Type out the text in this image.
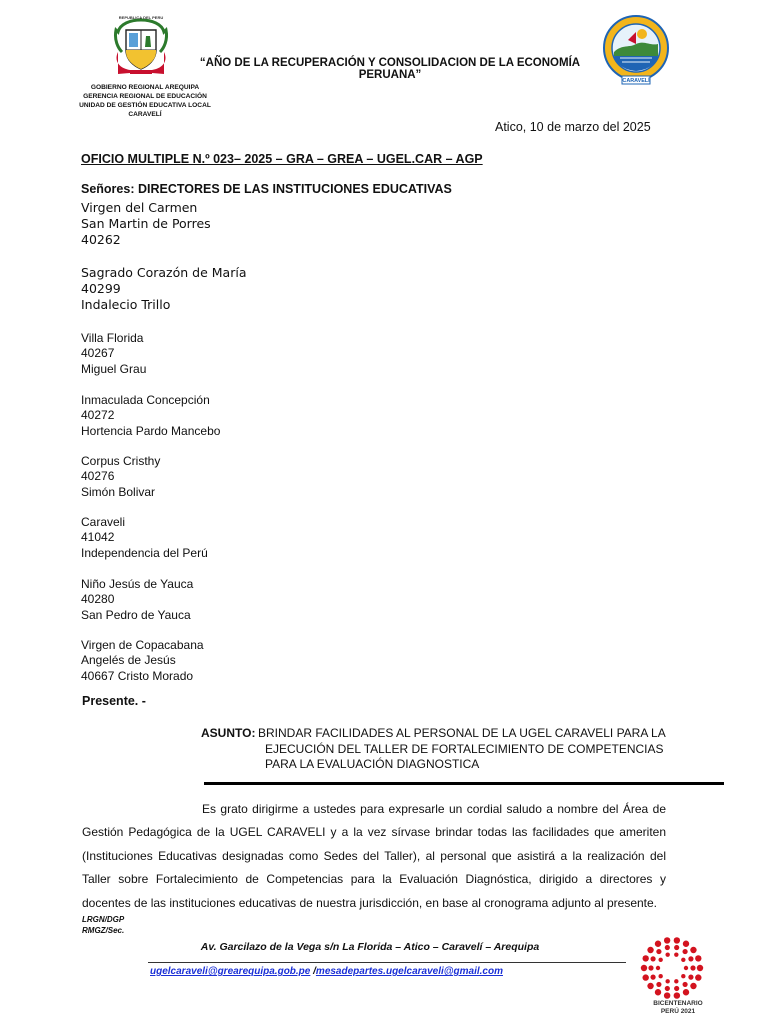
REPUBLICA DEL PERU
GOBIERNO REGIONAL AREQUIPA
GERENCIA REGIONAL DE EDUCACIÓN
UNIDAD DE GESTIÓN EDUCATIVA LOCAL
CARAVELÍ
“AÑO DE LA RECUPERACIÓN Y CONSOLIDACION DE LA ECONOMÍA PERUANA”	CARAVELÍ
Atico, 10 de marzo del 2025
OFICIO MULTIPLE N.º 023– 2025 – GRA – GREA – UGEL.CAR – AGP
Señores: DIRECTORES DE LAS INSTITUCIONES EDUCATIVAS
Virgen del Carmen
San Martin de Porres
40262
Sagrado Corazón de María
40299
Indalecio Trillo
Villa Florida
40267
Miguel Grau
Inmaculada Concepción
40272
Hortencia Pardo Mancebo
Corpus Cristhy
40276
Simón Bolivar
Caraveli
41042
Independencia del Perú
Niño Jesús de Yauca
40280
San Pedro de Yauca
Virgen de Copacabana
Angelés de Jesús
40667 Cristo Morado
Presente. -
ASUNTO: BRINDAR FACILIDADES AL PERSONAL DE LA UGEL CARAVELI PARA LA
EJECUCIÓN DEL TALLER DE FORTALECIMIENTO DE COMPETENCIAS
PARA LA EVALUACIÓN DIAGNOSTICA
Es grato dirigirme a ustedes para expresarle un cordial saludo a nombre del Área de Gestión Pedagógica de la UGEL CARAVELI y a la vez sírvase brindar todas las facilidades que ameriten (Instituciones Educativas designadas como Sedes del Taller), al personal que asistirá a la realización del Taller sobre Fortalecimiento de Competencias para la Evaluación Diagnóstica, dirigido a directores y docentes de las instituciones educativas de nuestra jurisdicción, en base al cronograma adjunto al presente.
LRGN/DGP
RMGZ/Sec.
Av. Garcilazo de la Vega s/n La Florida – Atico – Caravelí – Arequipa
ugelcaraveli@grearequipa.gob.pe /mesadepartes.ugelcaraveli@gmail.com
BICENTENARIO
PERÚ 2021
